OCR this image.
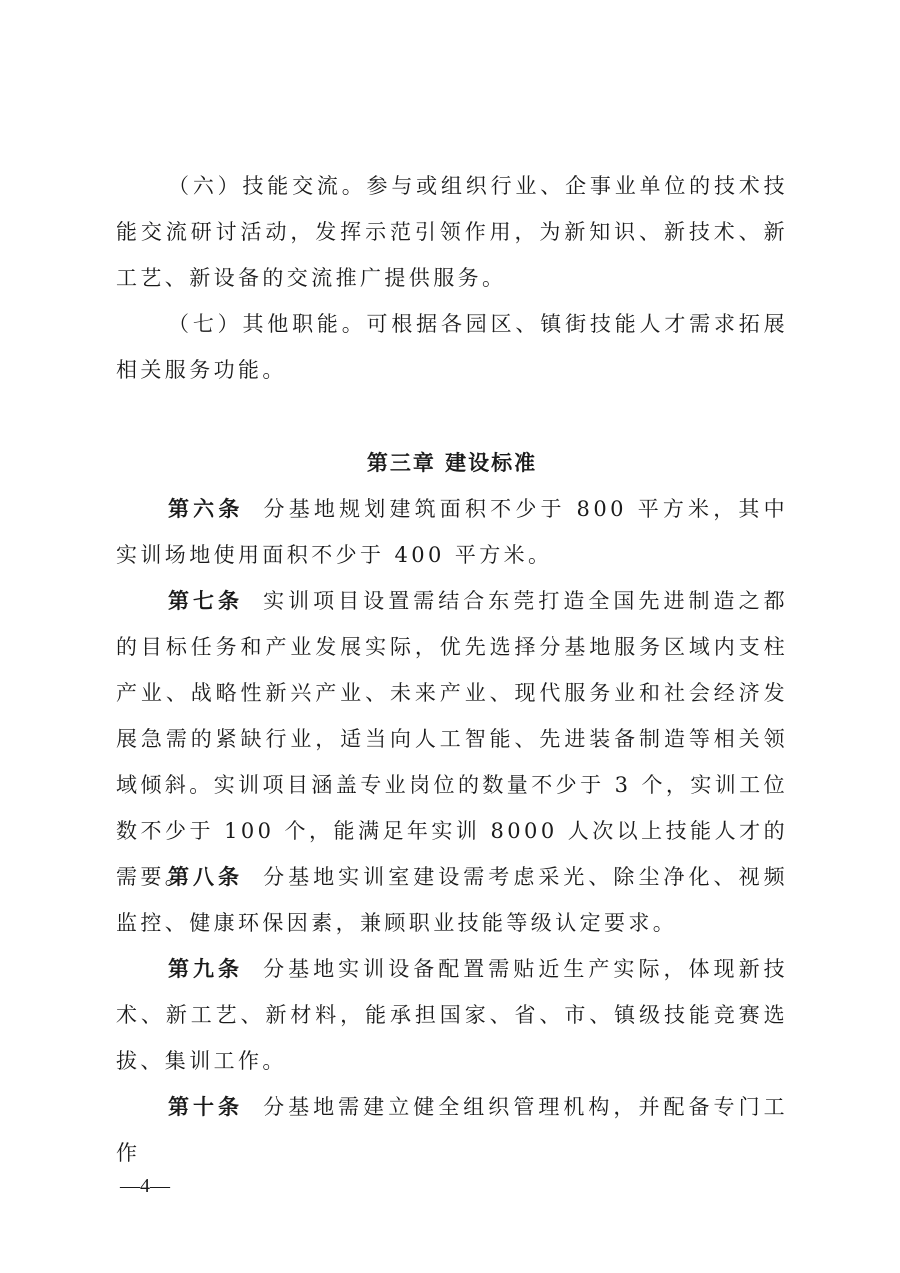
（六）技能交流。参与或组织行业、企事业单位的技术技能交流研讨活动，发挥示范引领作用，为新知识、新技术、新工艺、新设备的交流推广提供服务。

（七）其他职能。可根据各园区、镇街技能人才需求拓展相关服务功能。

第三章 建设标准

第六条 分基地规划建筑面积不少于 800 平方米，其中实训场地使用面积不少于 400 平方米。

第七条 实训项目设置需结合东莞打造全国先进制造之都的目标任务和产业发展实际，优先选择分基地服务区域内支柱产业、战略性新兴产业、未来产业、现代服务业和社会经济发展急需的紧缺行业，适当向人工智能、先进装备制造等相关领域倾斜。实训项目涵盖专业岗位的数量不少于 3 个，实训工位数不少于 100 个，能满足年实训 8000 人次以上技能人才的需要。

第八条 分基地实训室建设需考虑采光、除尘净化、视频监控、健康环保因素，兼顾职业技能等级认定要求。

第九条 分基地实训设备配置需贴近生产实际，体现新技术、新工艺、新材料，能承担国家、省、市、镇级技能竞赛选拔、集训工作。

第十条 分基地需建立健全组织管理机构，并配备专门工作

—4—
